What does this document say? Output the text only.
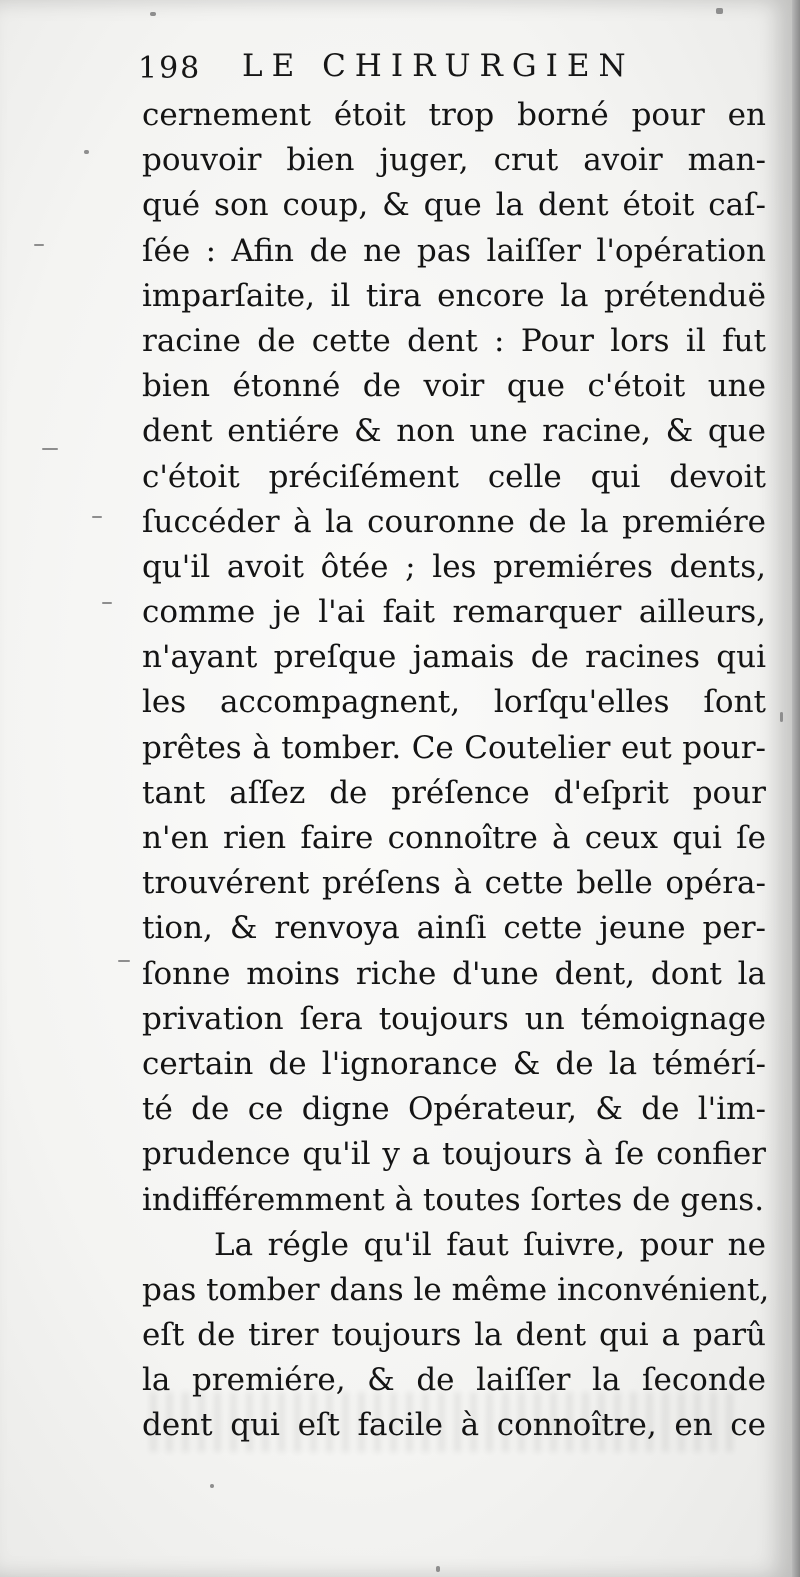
198 LE CHIRURGIEN
cernement étoit trop borné pour en
pouvoir bien juger, crut avoir man-
qué son coup, & que la dent étoit caſ-
ſée : Afin de ne pas laiſſer l'opération
imparſaite, il tira encore la prétenduë
racine de cette dent : Pour lors il fut
bien étonné de voir que c'étoit une
dent entiére & non une racine, & que
c'étoit préciſément celle qui devoit
ſuccéder à la couronne de la premiére
qu'il avoit ôtée ; les premiéres dents,
comme je l'ai fait remarquer ailleurs,
n'ayant preſque jamais de racines qui
les accompagnent, lorſqu'elles ſont
prêtes à tomber. Ce Coutelier eut pour-
tant aſſez de préſence d'eſprit pour
n'en rien faire connoître à ceux qui ſe
trouvérent préſens à cette belle opéra-
tion, & renvoya ainſi cette jeune per-
ſonne moins riche d'une dent, dont la
privation ſera toujours un témoignage
certain de l'ignorance & de la témérí-
té de ce digne Opérateur, & de l'im-
prudence qu'il y a toujours à ſe confier
indifféremment à toutes ſortes de gens.
La régle qu'il faut ſuivre, pour ne
pas tomber dans le même inconvénient,
eſt de tirer toujours la dent qui a parû
la premiére, & de laiſſer la ſeconde
dent qui eſt facile à connoître, en ce
